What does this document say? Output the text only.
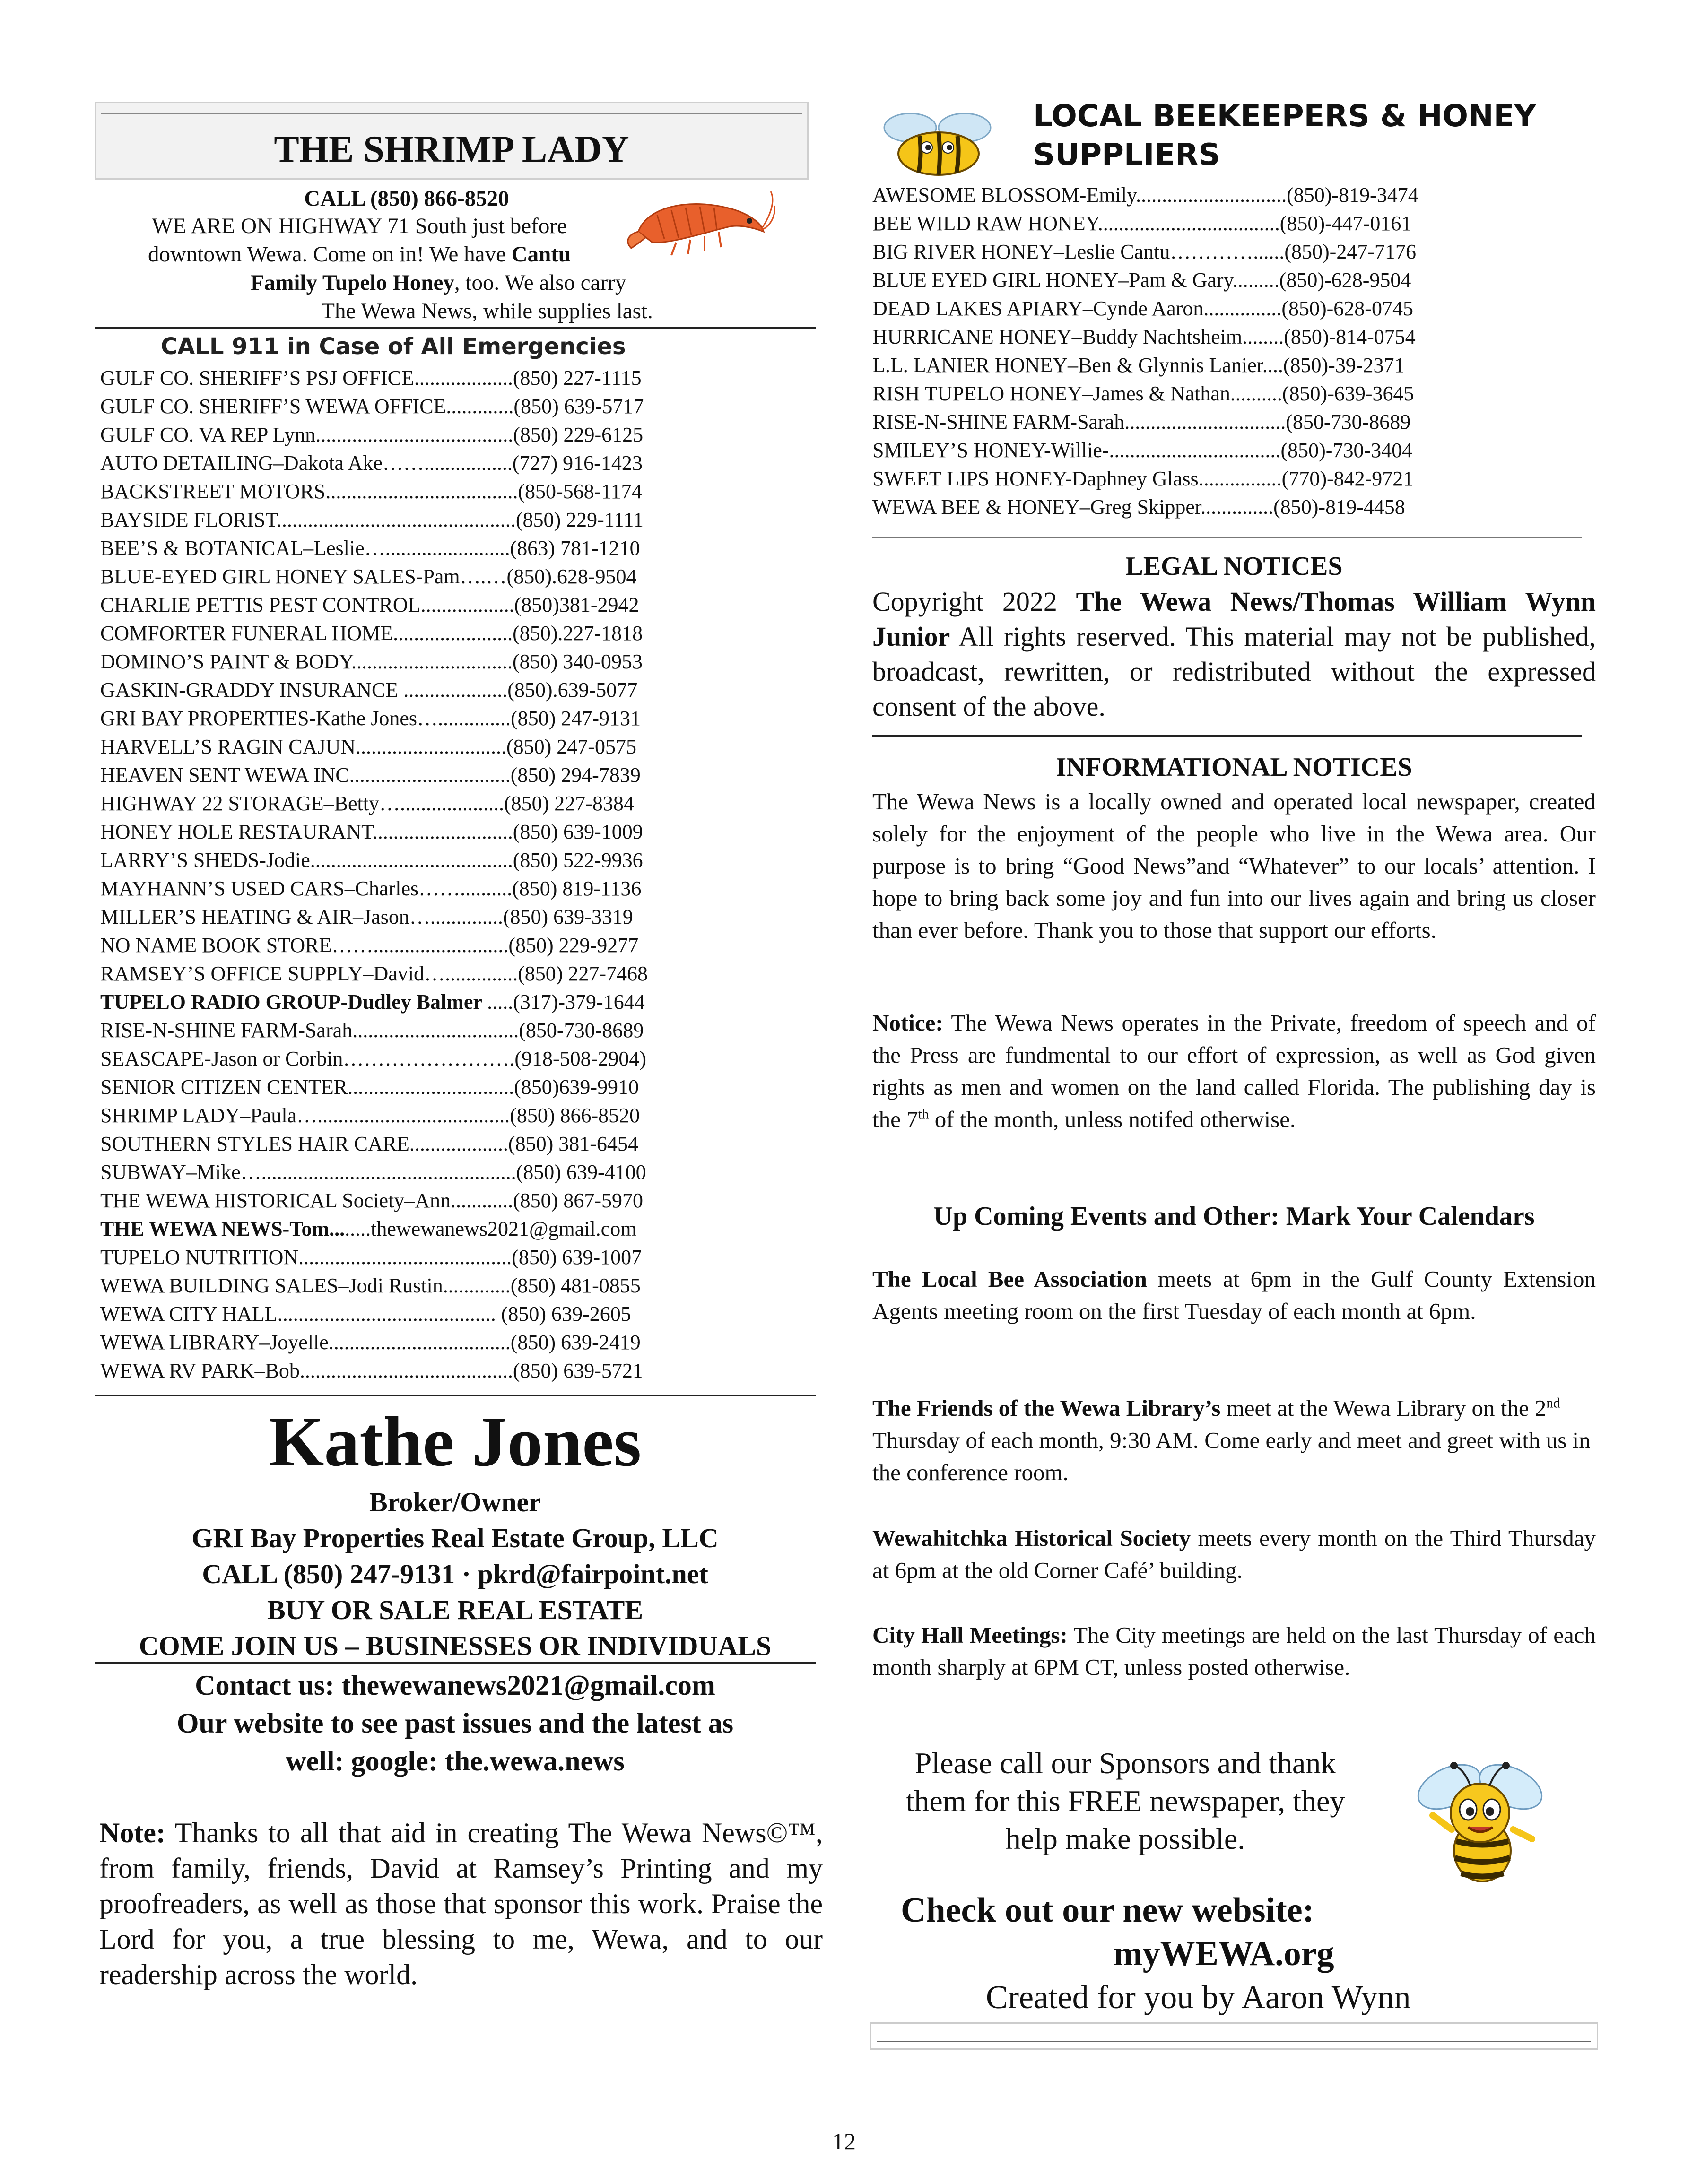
THE SHRIMP LADY
CALL (850) 866-8520
WE ARE ON HIGHWAY 71 South just before
downtown Wewa. Come on in! We have Cantu
Family Tupelo Honey, too. We also carry
The Wewa News, while supplies last.
CALL 911 in Case of All Emergencies
GULF CO. SHERIFF’S PSJ OFFICE...................(850) 227-1115
GULF CO. SHERIFF’S WEWA OFFICE.............(850) 639-5717
GULF CO. VA REP Lynn......................................(850) 229-6125
AUTO DETAILING–Dakota Ake…….................(727) 916-1423
BACKSTREET MOTORS.....................................(850-568-1174
BAYSIDE FLORIST..............................................(850) 229-1111
BEE’S & BOTANICAL–Leslie…........................(863) 781-1210
BLUE-EYED GIRL HONEY SALES-Pam….…(850).628-9504
CHARLIE PETTIS PEST CONTROL..................(850)381-2942
COMFORTER FUNERAL HOME.......................(850).227-1818
DOMINO’S PAINT & BODY...............................(850) 340-0953
GASKIN-GRADDY INSURANCE ....................(850).639-5077
GRI BAY PROPERTIES-Kathe Jones…..............(850) 247-9131
HARVELL’S RAGIN CAJUN.............................(850) 247-0575
HEAVEN SENT WEWA INC...............................(850) 294-7839
HIGHWAY 22 STORAGE–Betty…....................(850) 227-8384
HONEY HOLE RESTAURANT...........................(850) 639-1009
LARRY’S SHEDS-Jodie.......................................(850) 522-9936
MAYHANN’S USED CARS–Charles……..........(850) 819-1136
MILLER’S HEATING & AIR–Jason…..............(850) 639-3319
NO NAME BOOK STORE……..........................(850) 229-9277
RAMSEY’S OFFICE SUPPLY–David…..............(850) 227-7468
TUPELO RADIO GROUP-Dudley Balmer .....(317)-379-1644
RISE-N-SHINE FARM-Sarah................................(850-730-8689
SEASCAPE-Jason or Corbin…………………….(918-508-2904)
SENIOR CITIZEN CENTER................................(850)639-9910
SHRIMP LADY–Paula….....................................(850) 866-8520
SOUTHERN STYLES HAIR CARE...................(850) 381-6454
SUBWAY–Mike….................................................(850) 639-4100
THE WEWA HISTORICAL Society–Ann............(850) 867-5970
THE WEWA NEWS-Tom........thewewanews2021@gmail.com
TUPELO NUTRITION.........................................(850) 639-1007
WEWA BUILDING SALES–Jodi Rustin.............(850) 481-0855
WEWA CITY HALL.......................................... (850) 639-2605
WEWA LIBRARY–Joyelle...................................(850) 639-2419
WEWA RV PARK–Bob.........................................(850) 639-5721
Kathe Jones
Broker/Owner
GRI Bay Properties Real Estate Group, LLC
CALL (850) 247-9131 · pkrd@fairpoint.net
BUY OR SALE REAL ESTATE
COME JOIN US – BUSINESSES OR INDIVIDUALS
Contact us: thewewanews2021@gmail.com
Our website to see past issues and the latest as
well: google: the.wewa.news
Note: Thanks to all that aid in creating The Wewa News©™, from family, friends, David at Ramsey’s Printing and my proofreaders, as well as those that sponsor this work. Praise the Lord for you, a true blessing to me, Wewa, and to our readership across the world.
LOCAL BEEKEEPERS & HONEY
SUPPLIERS
AWESOME BLOSSOM-Emily.............................(850)-819-3474
BEE WILD RAW HONEY...................................(850)-447-0161
BIG RIVER HONEY–Leslie Cantu…………......(850)-247-7176
BLUE EYED GIRL HONEY–Pam & Gary.........(850)-628-9504
DEAD LAKES APIARY–Cynde Aaron...............(850)-628-0745
HURRICANE HONEY–Buddy Nachtsheim........(850)-814-0754
L.L. LANIER HONEY–Ben & Glynnis Lanier....(850)-39-2371
RISH TUPELO HONEY–James & Nathan..........(850)-639-3645
RISE-N-SHINE FARM-Sarah...............................(850-730-8689
SMILEY’S HONEY-Willie-.................................(850)-730-3404
SWEET LIPS HONEY-Daphney Glass................(770)-842-9721
WEWA BEE & HONEY–Greg Skipper..............(850)-819-4458
LEGAL NOTICES
Copyright 2022 The Wewa News/Thomas William Wynn Junior All rights reserved. This material may not be published, broadcast, rewritten, or redistributed without the expressed consent of the above.
INFORMATIONAL NOTICES
The Wewa News is a locally owned and operated local newspaper, created solely for the enjoyment of the people who live in the Wewa area. Our purpose is to bring “Good News”and “Whatever” to our locals’ attention. I hope to bring back some joy and fun into our lives again and bring us closer than ever before. Thank you to those that support our efforts.
Notice: The Wewa News operates in the Private, freedom of speech and of the Press are fundmental to our effort of expression, as well as God given rights as men and women on the land called Florida. The publishing day is the 7th of the month, unless notifed otherwise.
Up Coming Events and Other: Mark Your Calendars
The Local Bee Association meets at 6pm in the Gulf County Extension Agents meeting room on the first Tuesday of each month at 6pm.
The Friends of the Wewa Library’s meet at the Wewa Library on the 2nd Thursday of each month, 9:30 AM. Come early and meet and greet with us in the conference room.
Wewahitchka Historical Society meets every month on the Third Thursday at 6pm at the old Corner Café’ building.
City Hall Meetings: The City meetings are held on the last Thursday of each month sharply at 6PM CT, unless posted otherwise.
Please call our Sponsors and thank
them for this FREE newspaper, they
help make possible.
Check out our new website:
myWEWA.org
Created for you by Aaron Wynn
12
